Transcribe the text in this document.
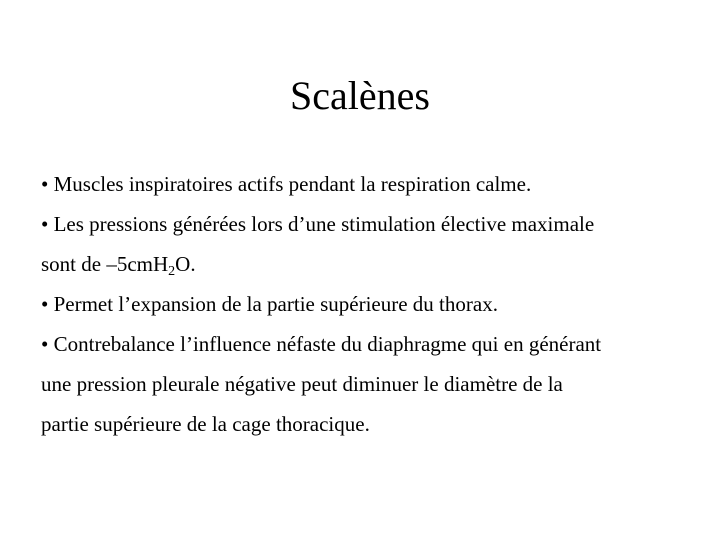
Scalènes
• Muscles inspiratoires actifs pendant la respiration calme.
• Les pressions générées lors d’une stimulation élective maximale
sont de –5cmH$_2$O.
• Permet l’expansion de la partie supérieure du thorax.
• Contrebalance l’influence néfaste du diaphragme qui en générant
une pression pleurale négative peut diminuer le diamètre de la
partie supérieure de la cage thoracique.
